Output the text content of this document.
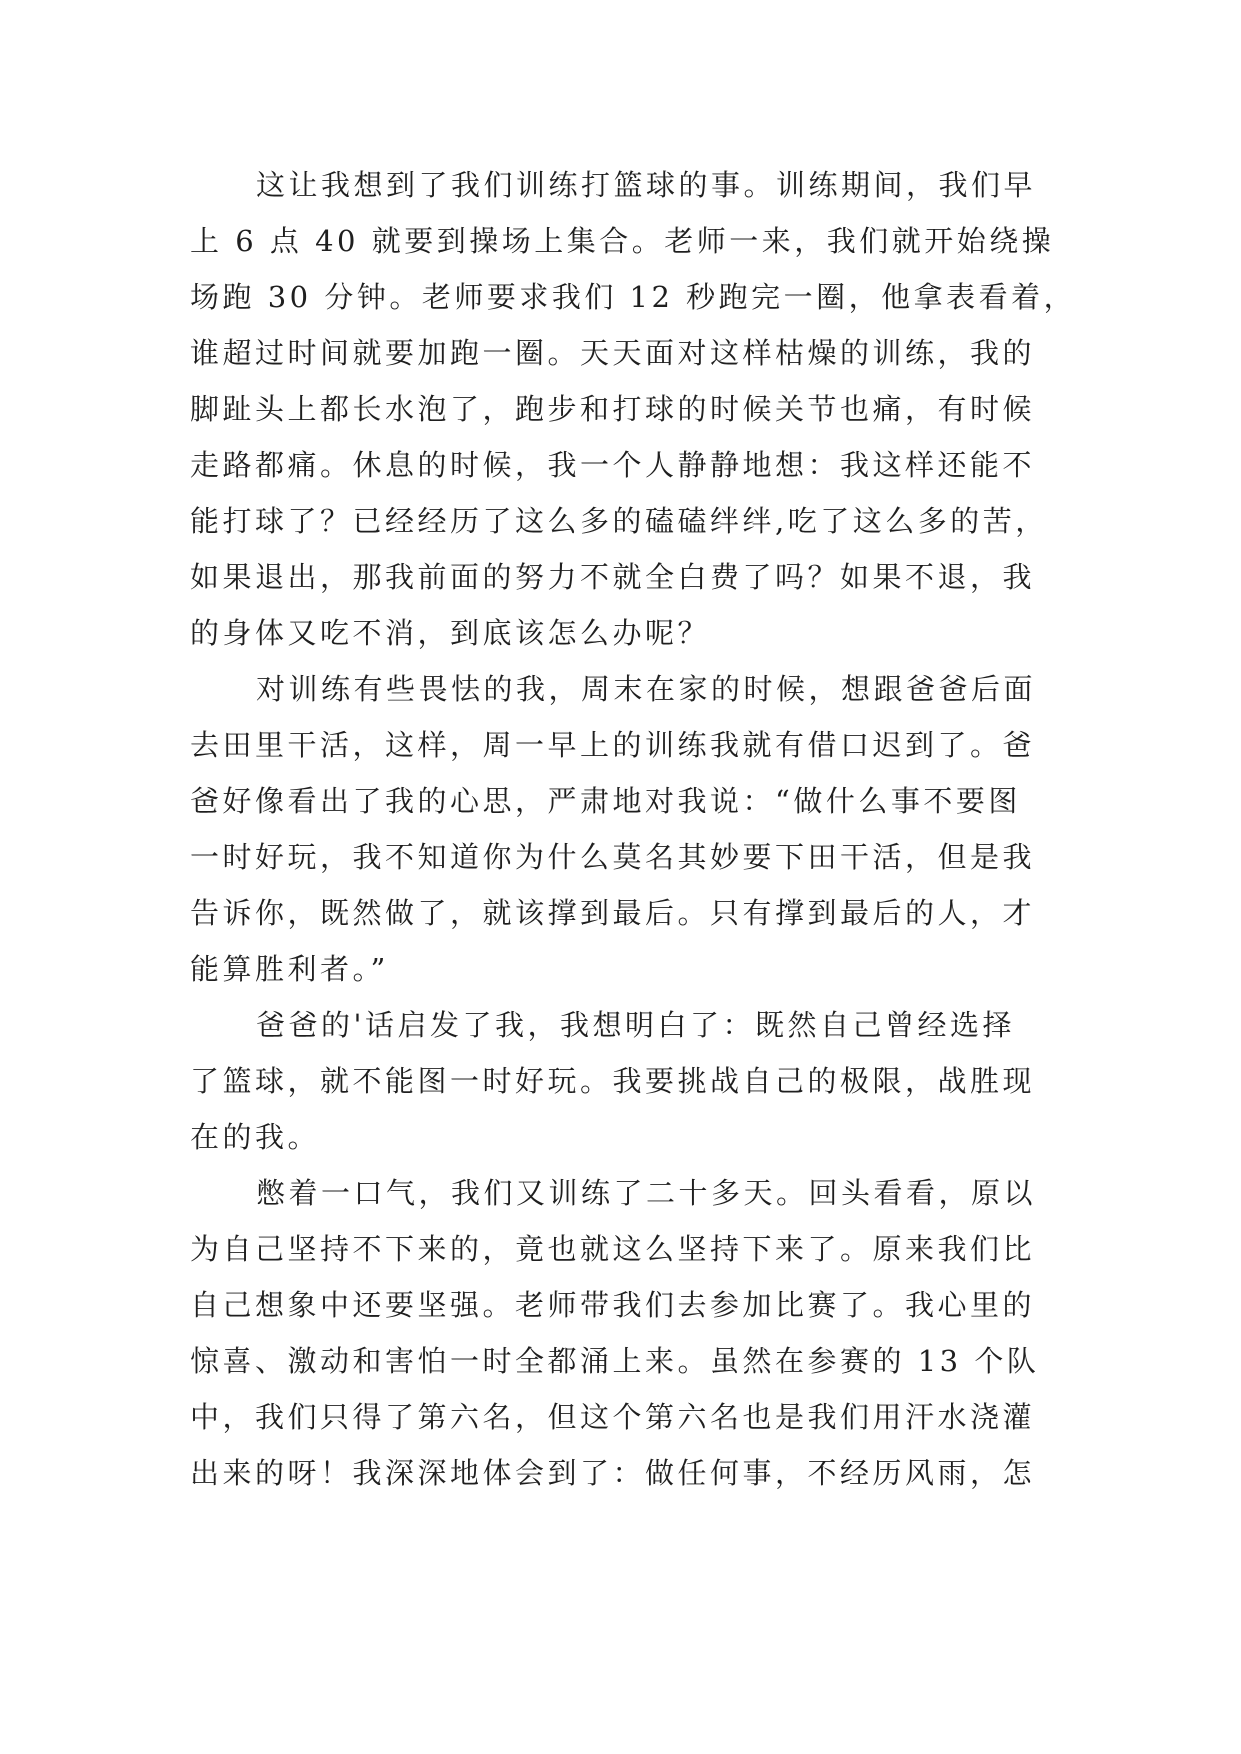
这让我想到了我们训练打篮球的事。训练期间，我们早
上 6 点 40 就要到操场上集合。老师一来，我们就开始绕操
场跑 30 分钟。老师要求我们 12 秒跑完一圈，他拿表看着，
谁超过时间就要加跑一圈。天天面对这样枯燥的训练，我的
脚趾头上都长水泡了，跑步和打球的时候关节也痛，有时候
走路都痛。休息的时候，我一个人静静地想：我这样还能不
能打球了？已经经历了这么多的磕磕绊绊,吃了这么多的苦，
如果退出，那我前面的努力不就全白费了吗？如果不退，我
的身体又吃不消，到底该怎么办呢？
对训练有些畏怯的我，周末在家的时候，想跟爸爸后面
去田里干活，这样，周一早上的训练我就有借口迟到了。爸
爸好像看出了我的心思，严肃地对我说：“做什么事不要图
一时好玩，我不知道你为什么莫名其妙要下田干活，但是我
告诉你，既然做了，就该撑到最后。只有撑到最后的人，才
能算胜利者。”
爸爸的'话启发了我，我想明白了：既然自己曾经选择
了篮球，就不能图一时好玩。我要挑战自己的极限，战胜现
在的我。
憋着一口气，我们又训练了二十多天。回头看看，原以
为自己坚持不下来的，竟也就这么坚持下来了。原来我们比
自己想象中还要坚强。老师带我们去参加比赛了。我心里的
惊喜、激动和害怕一时全都涌上来。虽然在参赛的 13 个队
中，我们只得了第六名，但这个第六名也是我们用汗水浇灌
出来的呀！我深深地体会到了：做任何事，不经历风雨，怎
